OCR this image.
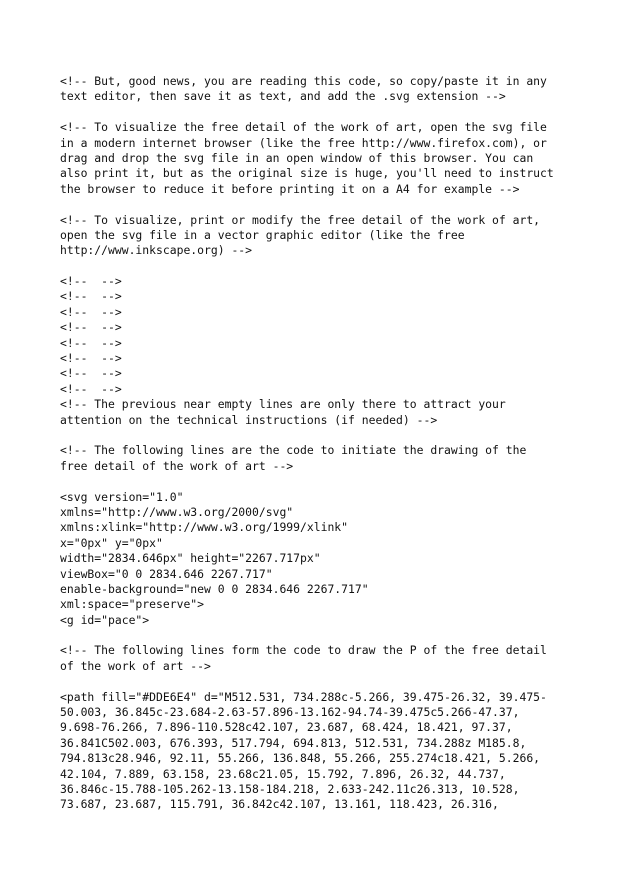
<!-- But, good news, you are reading this code, so copy/paste it in any
text editor, then save it as text, and add the .svg extension -->
<!-- To visualize the free detail of the work of art, open the svg file
in a modern internet browser (like the free http://www.firefox.com), or
drag and drop the svg file in an open window of this browser. You can
also print it, but as the original size is huge, you'll need to instruct
the browser to reduce it before printing it on a A4 for example -->
<!-- To visualize, print or modify the free detail of the work of art,
open the svg file in a vector graphic editor (like the free
http://www.inkscape.org) -->
<!--  -->
<!--  -->
<!--  -->
<!--  -->
<!--  -->
<!--  -->
<!--  -->
<!--  -->
<!-- The previous near empty lines are only there to attract your
attention on the technical instructions (if needed) -->
<!-- The following lines are the code to initiate the drawing of the
free detail of the work of art -->
<svg version="1.0"
xmlns="http://www.w3.org/2000/svg"
xmlns:xlink="http://www.w3.org/1999/xlink"
x="0px" y="0px"
width="2834.646px" height="2267.717px"
viewBox="0 0 2834.646 2267.717"
enable-background="new 0 0 2834.646 2267.717"
xml:space="preserve">
<g id="pace">
<!-- The following lines form the code to draw the P of the free detail
of the work of art -->
<path fill="#DDE6E4" d="M512.531, 734.288c-5.266, 39.475-26.32, 39.475-
50.003, 36.845c-23.684-2.63-57.896-13.162-94.74-39.475c5.266-47.37,
9.698-76.266, 7.896-110.528c42.107, 23.687, 68.424, 18.421, 97.37,
36.841C502.003, 676.393, 517.794, 694.813, 512.531, 734.288z M185.8,
794.813c28.946, 92.11, 55.266, 136.848, 55.266, 255.274c18.421, 5.266,
42.104, 7.889, 63.158, 23.68c21.05, 15.792, 7.896, 26.32, 44.737,
36.846c-15.788-105.262-13.158-184.218, 2.633-242.11c26.313, 10.528,
73.687, 23.687, 115.791, 36.842c42.107, 13.161, 118.423, 26.316,
